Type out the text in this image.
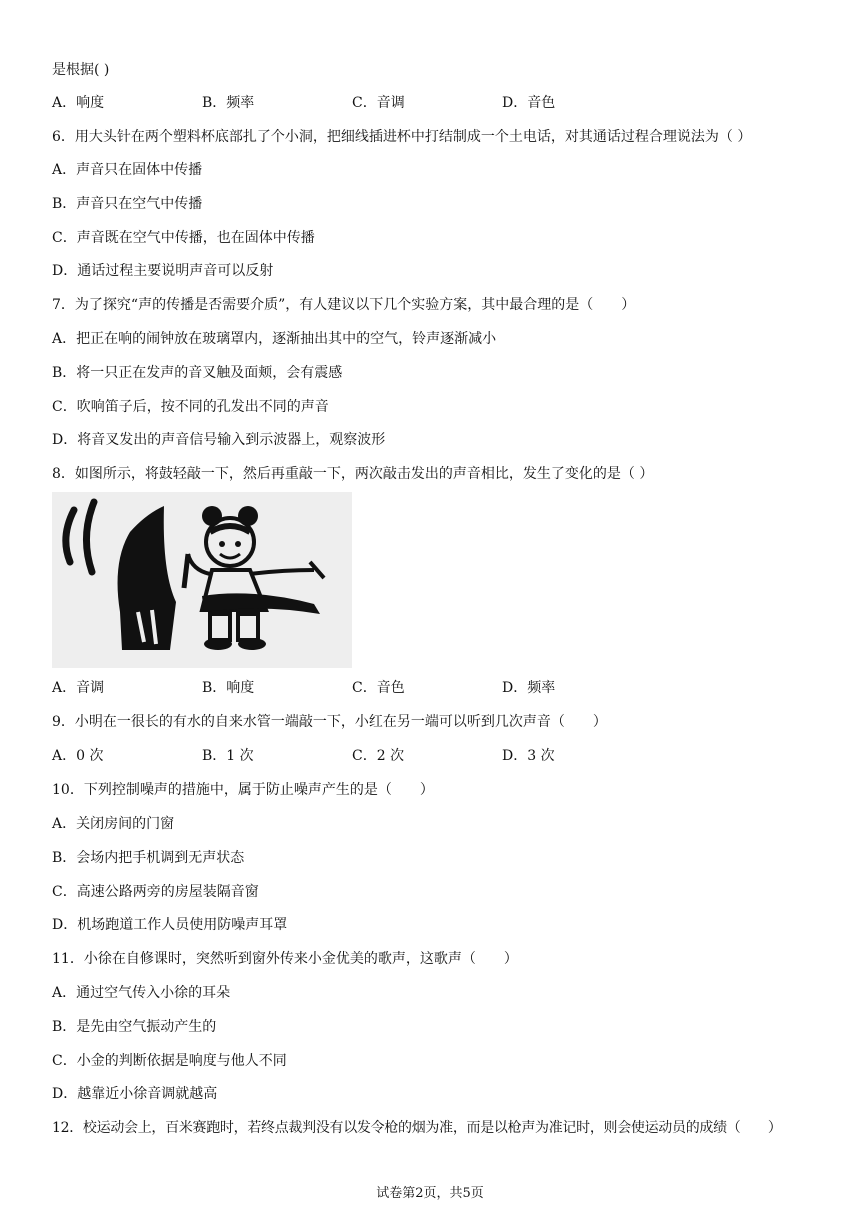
是根据( )
A．响度	B．频率	C．音调	D．音色
6．用大头针在两个塑料杯底部扎了个小洞，把细线插进杯中打结制成一个土电话，对其通话过程合理说法为（ ）
A．声音只在固体中传播
B．声音只在空气中传播
C．声音既在空气中传播，也在固体中传播
D．通话过程主要说明声音可以反射
7．为了探究“声的传播是否需要介质”，有人建议以下几个实验方案，其中最合理的是（　　）
A．把正在响的闹钟放在玻璃罩内，逐渐抽出其中的空气，铃声逐渐减小
B．将一只正在发声的音叉触及面颊，会有震感
C．吹响笛子后，按不同的孔发出不同的声音
D．将音叉发出的声音信号输入到示波器上，观察波形
8．如图所示，将鼓轻敲一下，然后再重敲一下，两次敲击发出的声音相比，发生了变化的是（ ）
A．音调	B．响度	C．音色	D．频率
9．小明在一很长的有水的自来水管一端敲一下，小红在另一端可以听到几次声音（　　）
A．0 次	B．1 次	C．2 次	D．3 次
10．下列控制噪声的措施中，属于防止噪声产生的是（　　）
A．关闭房间的门窗
B．会场内把手机调到无声状态
C．高速公路两旁的房屋装隔音窗
D．机场跑道工作人员使用防噪声耳罩
11．小徐在自修课时，突然听到窗外传来小金优美的歌声，这歌声（　　）
A．通过空气传入小徐的耳朵
B．是先由空气振动产生的
C．小金的判断依据是响度与他人不同
D．越靠近小徐音调就越高
12．校运动会上，百米赛跑时，若终点裁判没有以发令枪的烟为准，而是以枪声为准记时，则会使运动员的成绩（　　）
试卷第2页，共5页
